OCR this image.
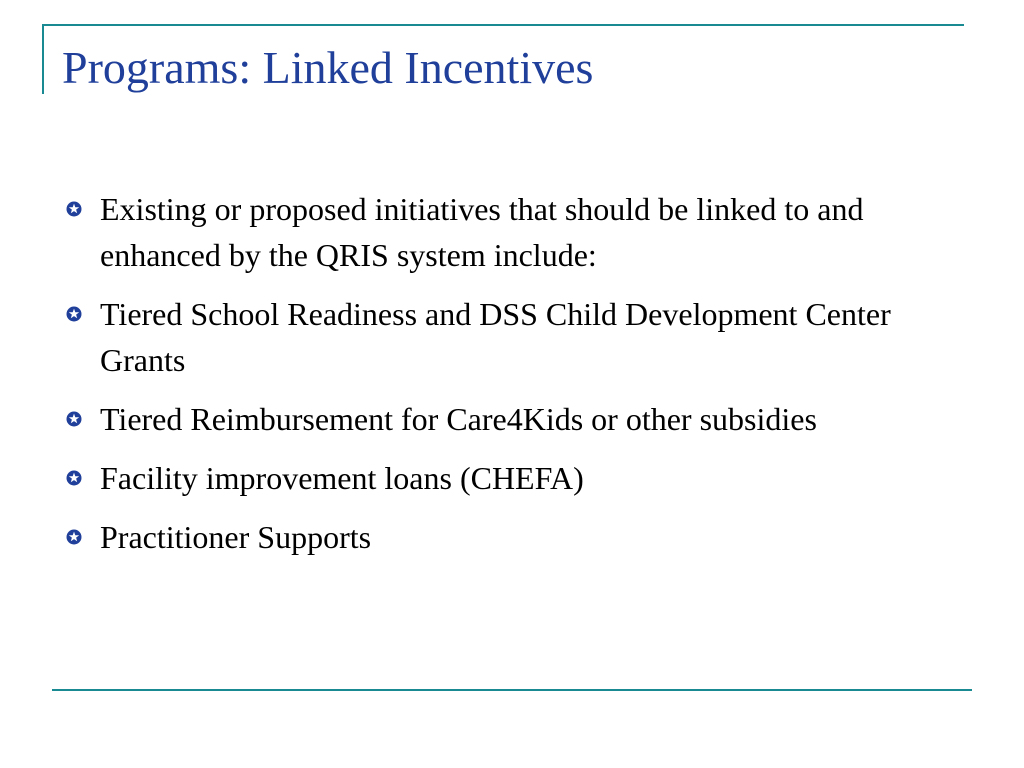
Programs: Linked Incentives
Existing or proposed initiatives that should be linked to and enhanced by the QRIS system include:
Tiered School Readiness and DSS Child Development Center Grants
Tiered Reimbursement for Care4Kids or other subsidies
Facility improvement loans (CHEFA)
Practitioner Supports
